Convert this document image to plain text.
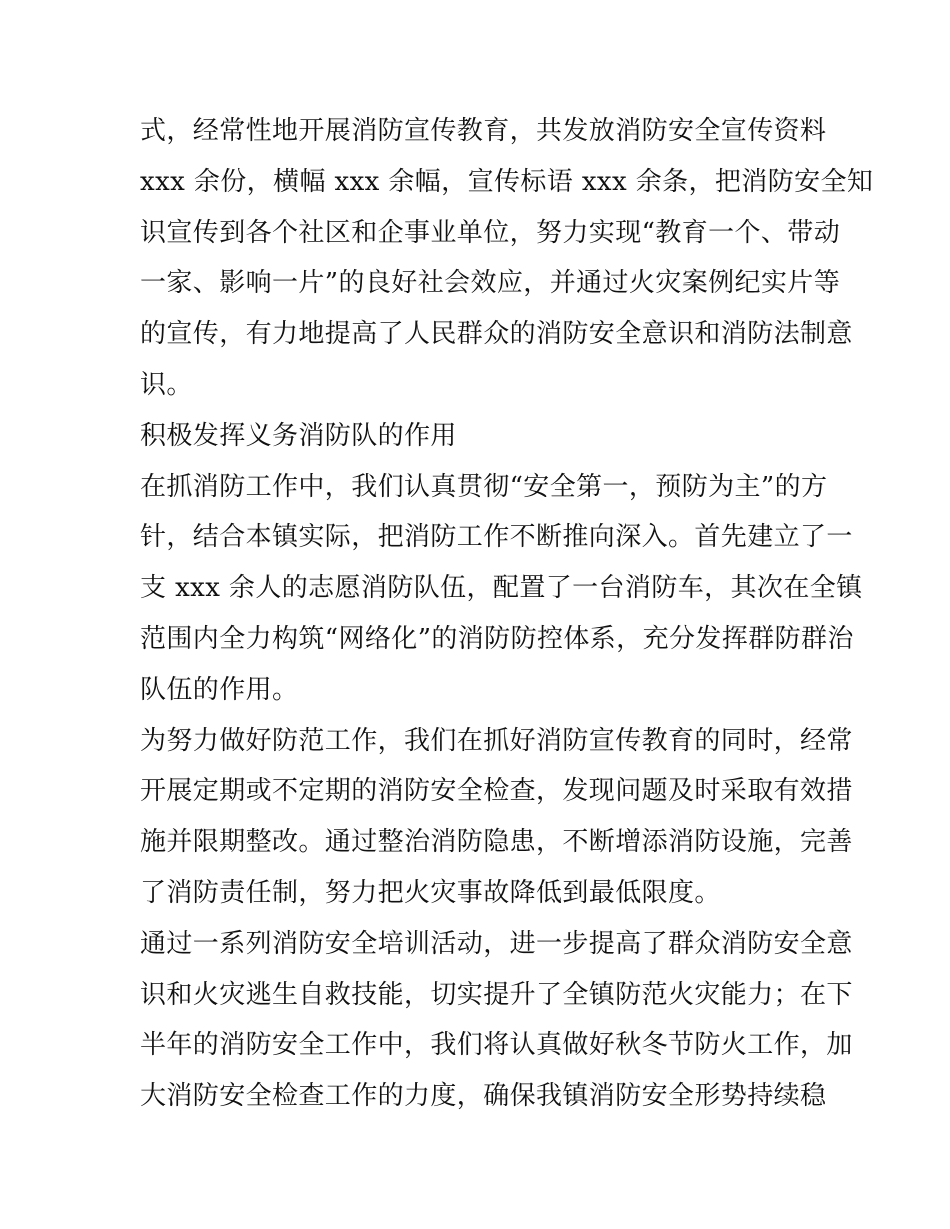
式，经常性地开展消防宣传教育，共发放消防安全宣传资料
xxx 余份，横幅 xxx 余幅，宣传标语 xxx 余条，把消防安全知
识宣传到各个社区和企事业单位，努力实现“教育一个、带动
一家、影响一片”的良好社会效应，并通过火灾案例纪实片等
的宣传，有力地提高了人民群众的消防安全意识和消防法制意
识。
积极发挥义务消防队的作用
在抓消防工作中，我们认真贯彻“安全第一，预防为主”的方
针，结合本镇实际，把消防工作不断推向深入。首先建立了一
支 xxx 余人的志愿消防队伍，配置了一台消防车，其次在全镇
范围内全力构筑“网络化”的消防防控体系，充分发挥群防群治
队伍的作用。
为努力做好防范工作，我们在抓好消防宣传教育的同时，经常
开展定期或不定期的消防安全检查，发现问题及时采取有效措
施并限期整改。通过整治消防隐患，不断增添消防设施，完善
了消防责任制，努力把火灾事故降低到最低限度。
通过一系列消防安全培训活动，进一步提高了群众消防安全意
识和火灾逃生自救技能，切实提升了全镇防范火灾能力；在下
半年的消防安全工作中，我们将认真做好秋冬节防火工作，加
大消防安全检查工作的力度，确保我镇消防安全形势持续稳
